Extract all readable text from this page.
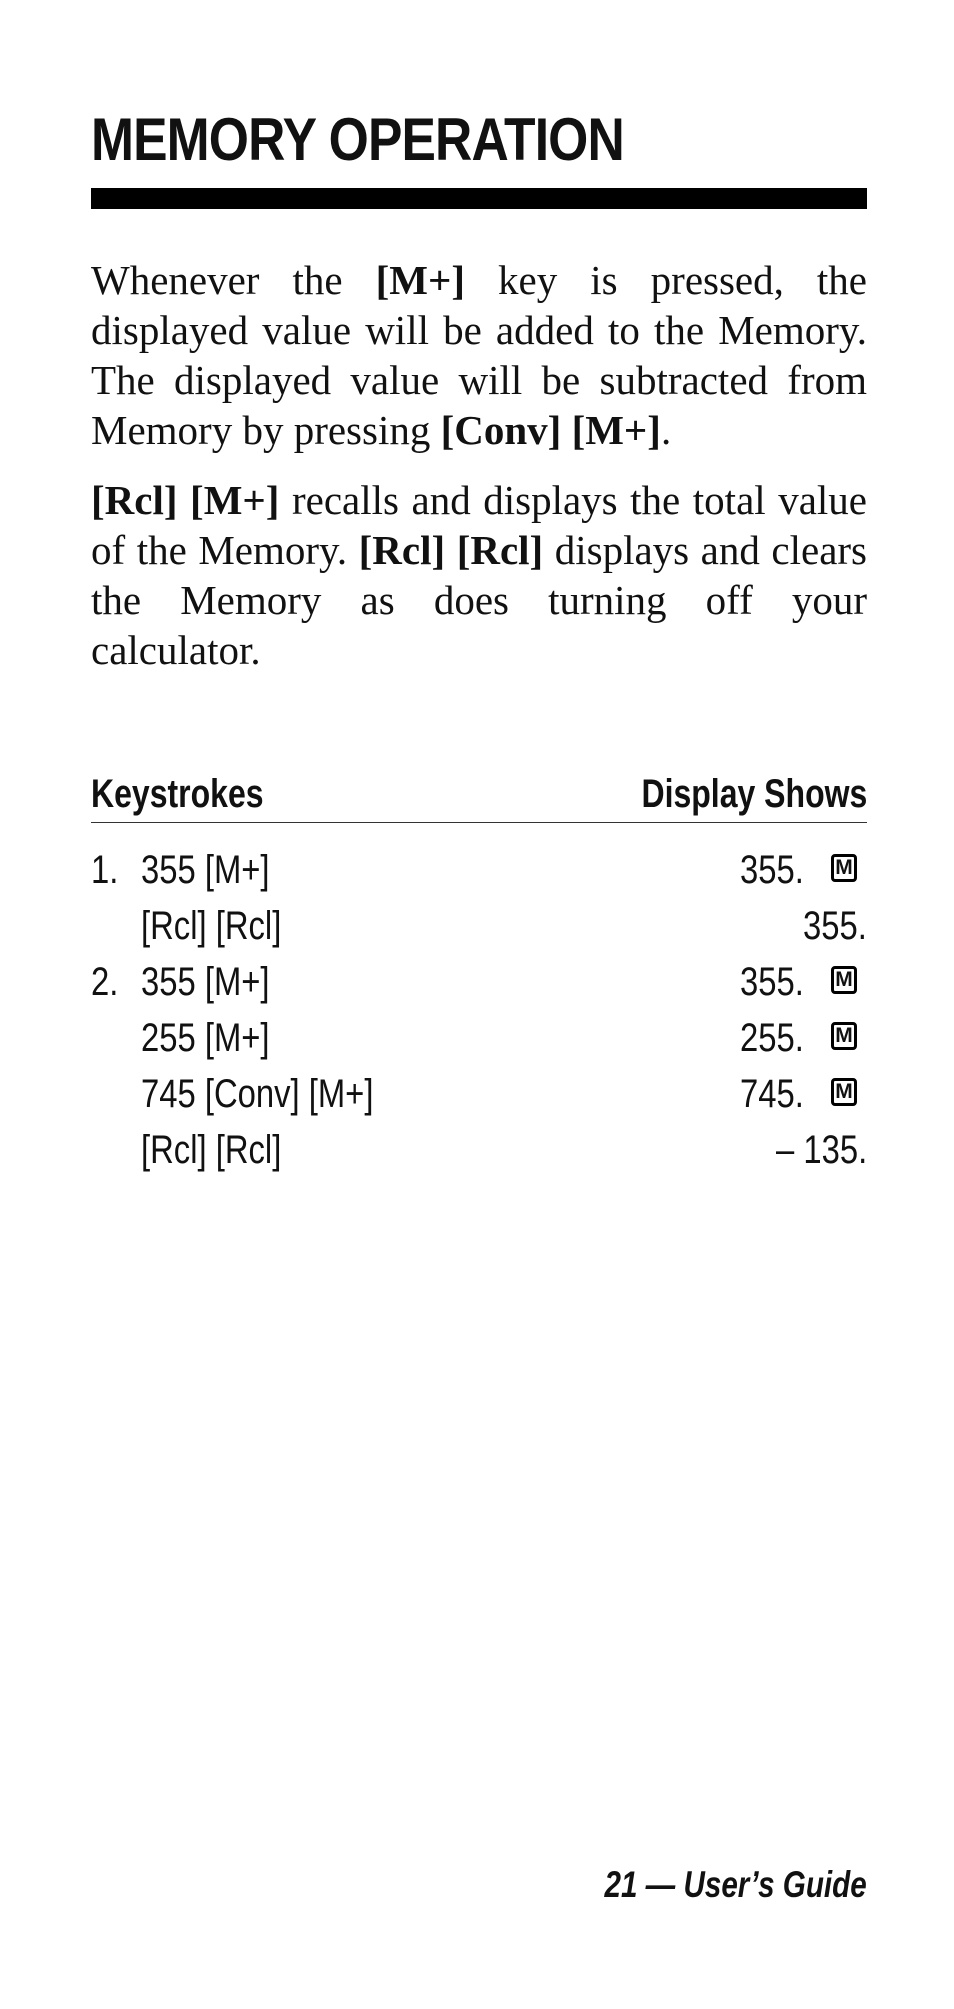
MEMORY OPERATION

Whenever the [M+] key is pressed, the displayed value will be added to the Memory. The displayed value will be subtracted from Memory by pressing [Conv] [M+].

[Rcl] [M+] recalls and displays the total value of the Memory. [Rcl] [Rcl] displays and clears the Memory as does turning off your calculator.

Keystrokes	Display Shows
1. 355 [M+]	355. M
[Rcl] [Rcl]	355.
2. 355 [M+]	355. M
255 [M+]	255. M
745 [Conv] [M+]	745. M
[Rcl] [Rcl]	– 135.
21 — User’s Guide
